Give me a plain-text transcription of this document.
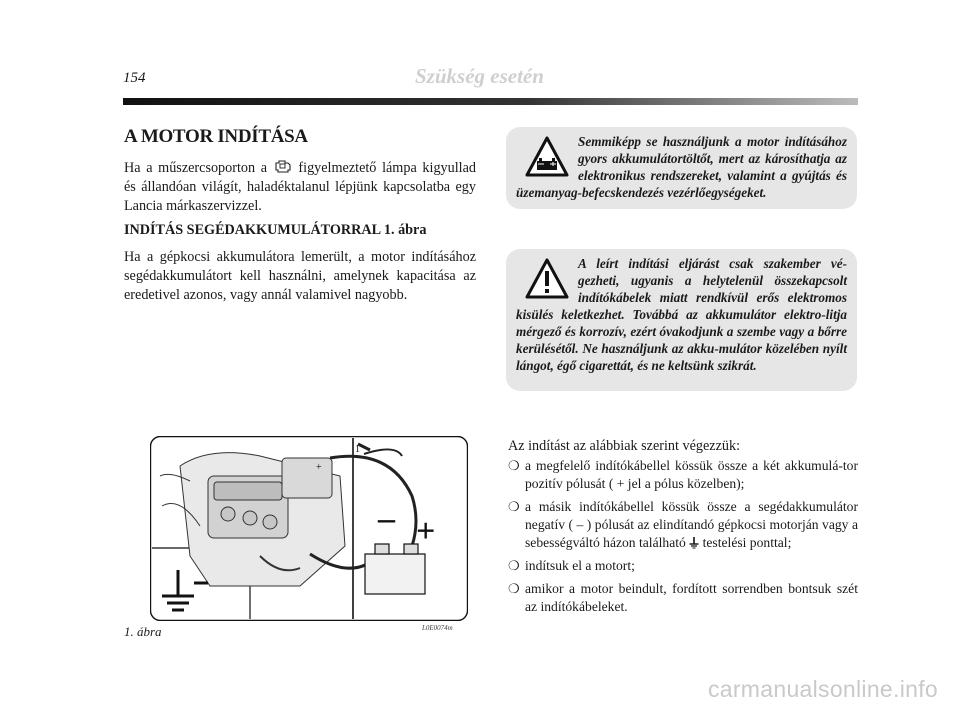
154	Szükség esetén
A MOTOR INDÍTÁSA
Ha a műszercsoporton a figyelmeztető lámpa kigyullad és állandóan világít, haladéktalanul lépjünk kapcsolatba egy Lancia márkaszervizzel.
INDÍTÁS SEGÉDAKKUMULÁTORRAL 1. ábra
Ha a gépkocsi akkumulátora lemerült, a motor indításához segédakkumulátort kell használni, amelynek kapacitása az eredetivel azonos, vagy annál valamivel nagyobb.
Semmiképp se használjunk a motor indításához gyors akkumulátortöltőt, mert az károsíthatja az elektronikus rendszereket, valamint a gyújtás és üzemanyag-befecskendezés vezérlőegységeket.
A leírt indítási eljárást csak szakember vé-gezheti, ugyanis a helytelenül összekapcsolt indítókábelek miatt rendkívül erős elektromos kisülés keletkezhet. Továbbá az akkumulátor elektro-litja mérgező és korrozív, ezért óvakodjunk a szembe vagy a bőrre kerülésétől. Ne használjunk az akku-mulátor közelében nyílt lángot, égő cigarettát, és ne keltsünk szikrát.
+
1
– +
1. ábra	L0E0074m
Az indítást az alábbiak szerint végezzük:
❍ a megfelelő indítókábellel kössük össze a két akkumulá-tor pozitív pólusát ( + jel a pólus közelben);
❍ a másik indítókábellel kössük össze a segédakkumulátor negatív ( – ) pólusát az elindítandó gépkocsi motorján vagy a sebességváltó házon található testelési ponttal;
❍ indítsuk el a motort;
❍ amikor a motor beindult, fordított sorrendben bontsuk szét az indítókábeleket.
carmanualsonline.info
